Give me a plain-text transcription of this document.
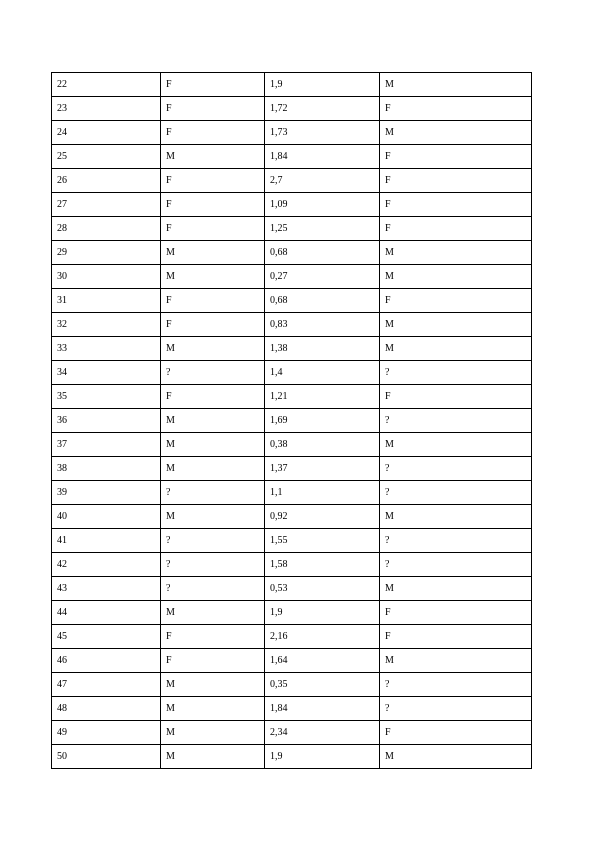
22	F	1,9	M
23	F	1,72	F
24	F	1,73	M
25	M	1,84	F
26	F	2,7	F
27	F	1,09	F
28	F	1,25	F
29	M	0,68	M
30	M	0,27	M
31	F	0,68	F
32	F	0,83	M
33	M	1,38	M
34	?	1,4	?
35	F	1,21	F
36	M	1,69	?
37	M	0,38	M
38	M	1,37	?
39	?	1,1	?
40	M	0,92	M
41	?	1,55	?
42	?	1,58	?
43	?	0,53	M
44	M	1,9	F
45	F	2,16	F
46	F	1,64	M
47	M	0,35	?
48	M	1,84	?
49	M	2,34	F
50	M	1,9	M
